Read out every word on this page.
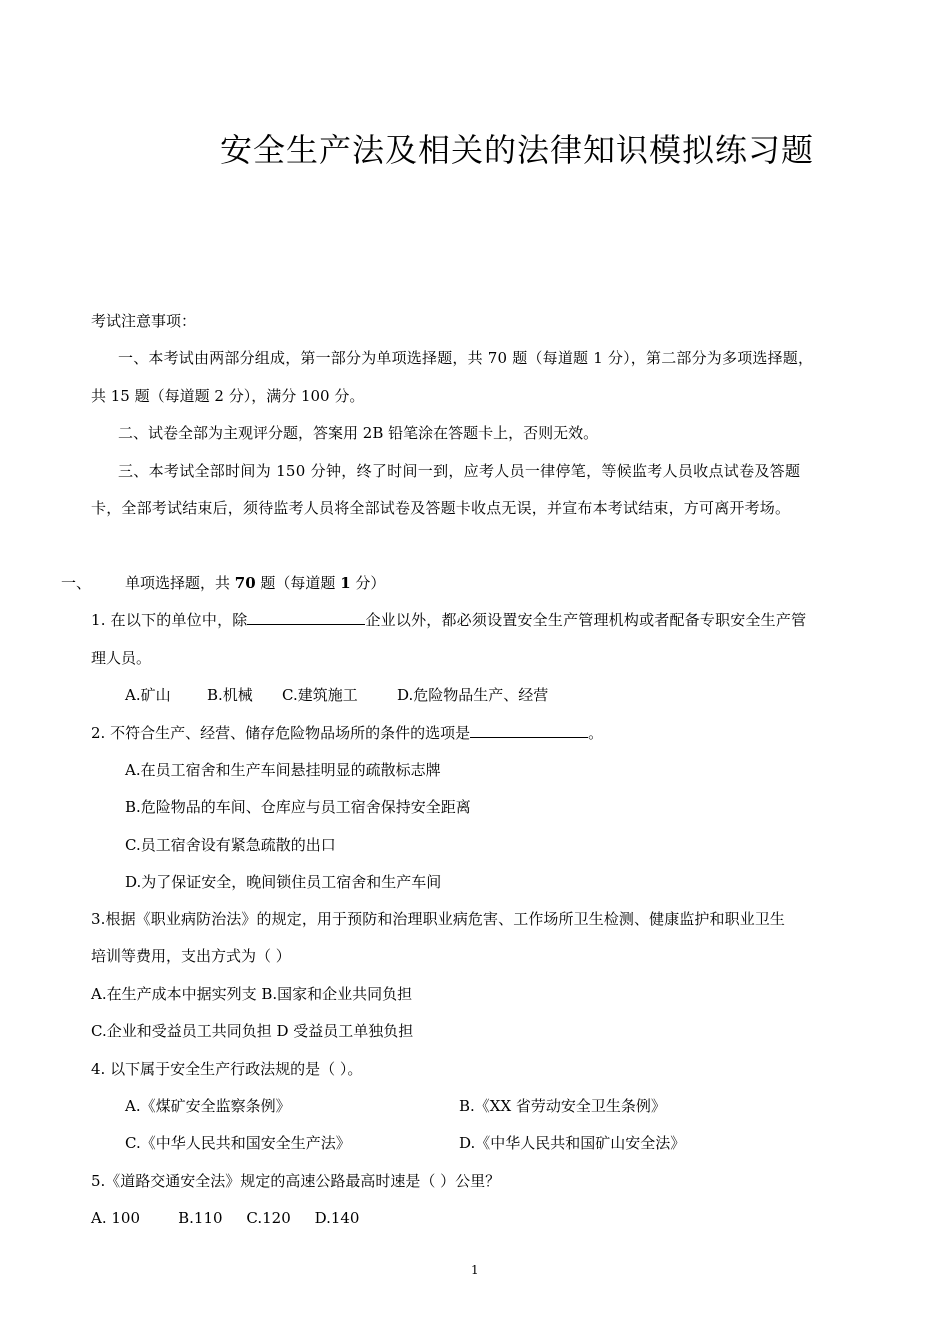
安全生产法及相关的法律知识模拟练习题
考试注意事项：
一、本考试由两部分组成，第一部分为单项选择题，共 70 题（每道题 1 分），第二部分为多项选择题，
共 15 题（每道题 2 分），满分 100 分。
二、试卷全部为主观评分题，答案用 2B 铅笔涂在答题卡上，否则无效。
三、本考试全部时间为 150 分钟，终了时间一到，应考人员一律停笔，等候监考人员收点试卷及答题
卡，全部考试结束后，须待监考人员将全部试卷及答题卡收点无误，并宣布本考试结束，方可离开考场。
一、 单项选择题，共 70 题（每道题 1 分）
1. 在以下的单位中，除	企业以外，都必须设置安全生产管理机构或者配备专职安全生产管
理人员。
A.矿山 B.机械 C.建筑施工	D.危险物品生产、经营
2. 不符合生产、经营、储存危险物品场所的条件的选项是	。
A.在员工宿舍和生产车间悬挂明显的疏散标志牌
B.危险物品的车间、仓库应与员工宿舍保持安全距离
C.员工宿舍设有紧急疏散的出口
D.为了保证安全，晚间锁住员工宿舍和生产车间
3.根据《职业病防治法》的规定，用于预防和治理职业病危害、工作场所卫生检测、健康监护和职业卫生
培训等费用，支出方式为（ ）
A.在生产成本中据实列支 B.国家和企业共同负担
C.企业和受益员工共同负担 D 受益员工单独负担
4. 以下属于安全生产行政法规的是（ ）。
A.《煤矿安全监察条例》	B.《XX 省劳动安全卫生条例》
C.《中华人民共和国安全生产法》	D.《中华人民共和国矿山安全法》
5.《道路交通安全法》规定的高速公路最高时速是（ ）公里？
A. 100        B.110     C.120     D.140
1
